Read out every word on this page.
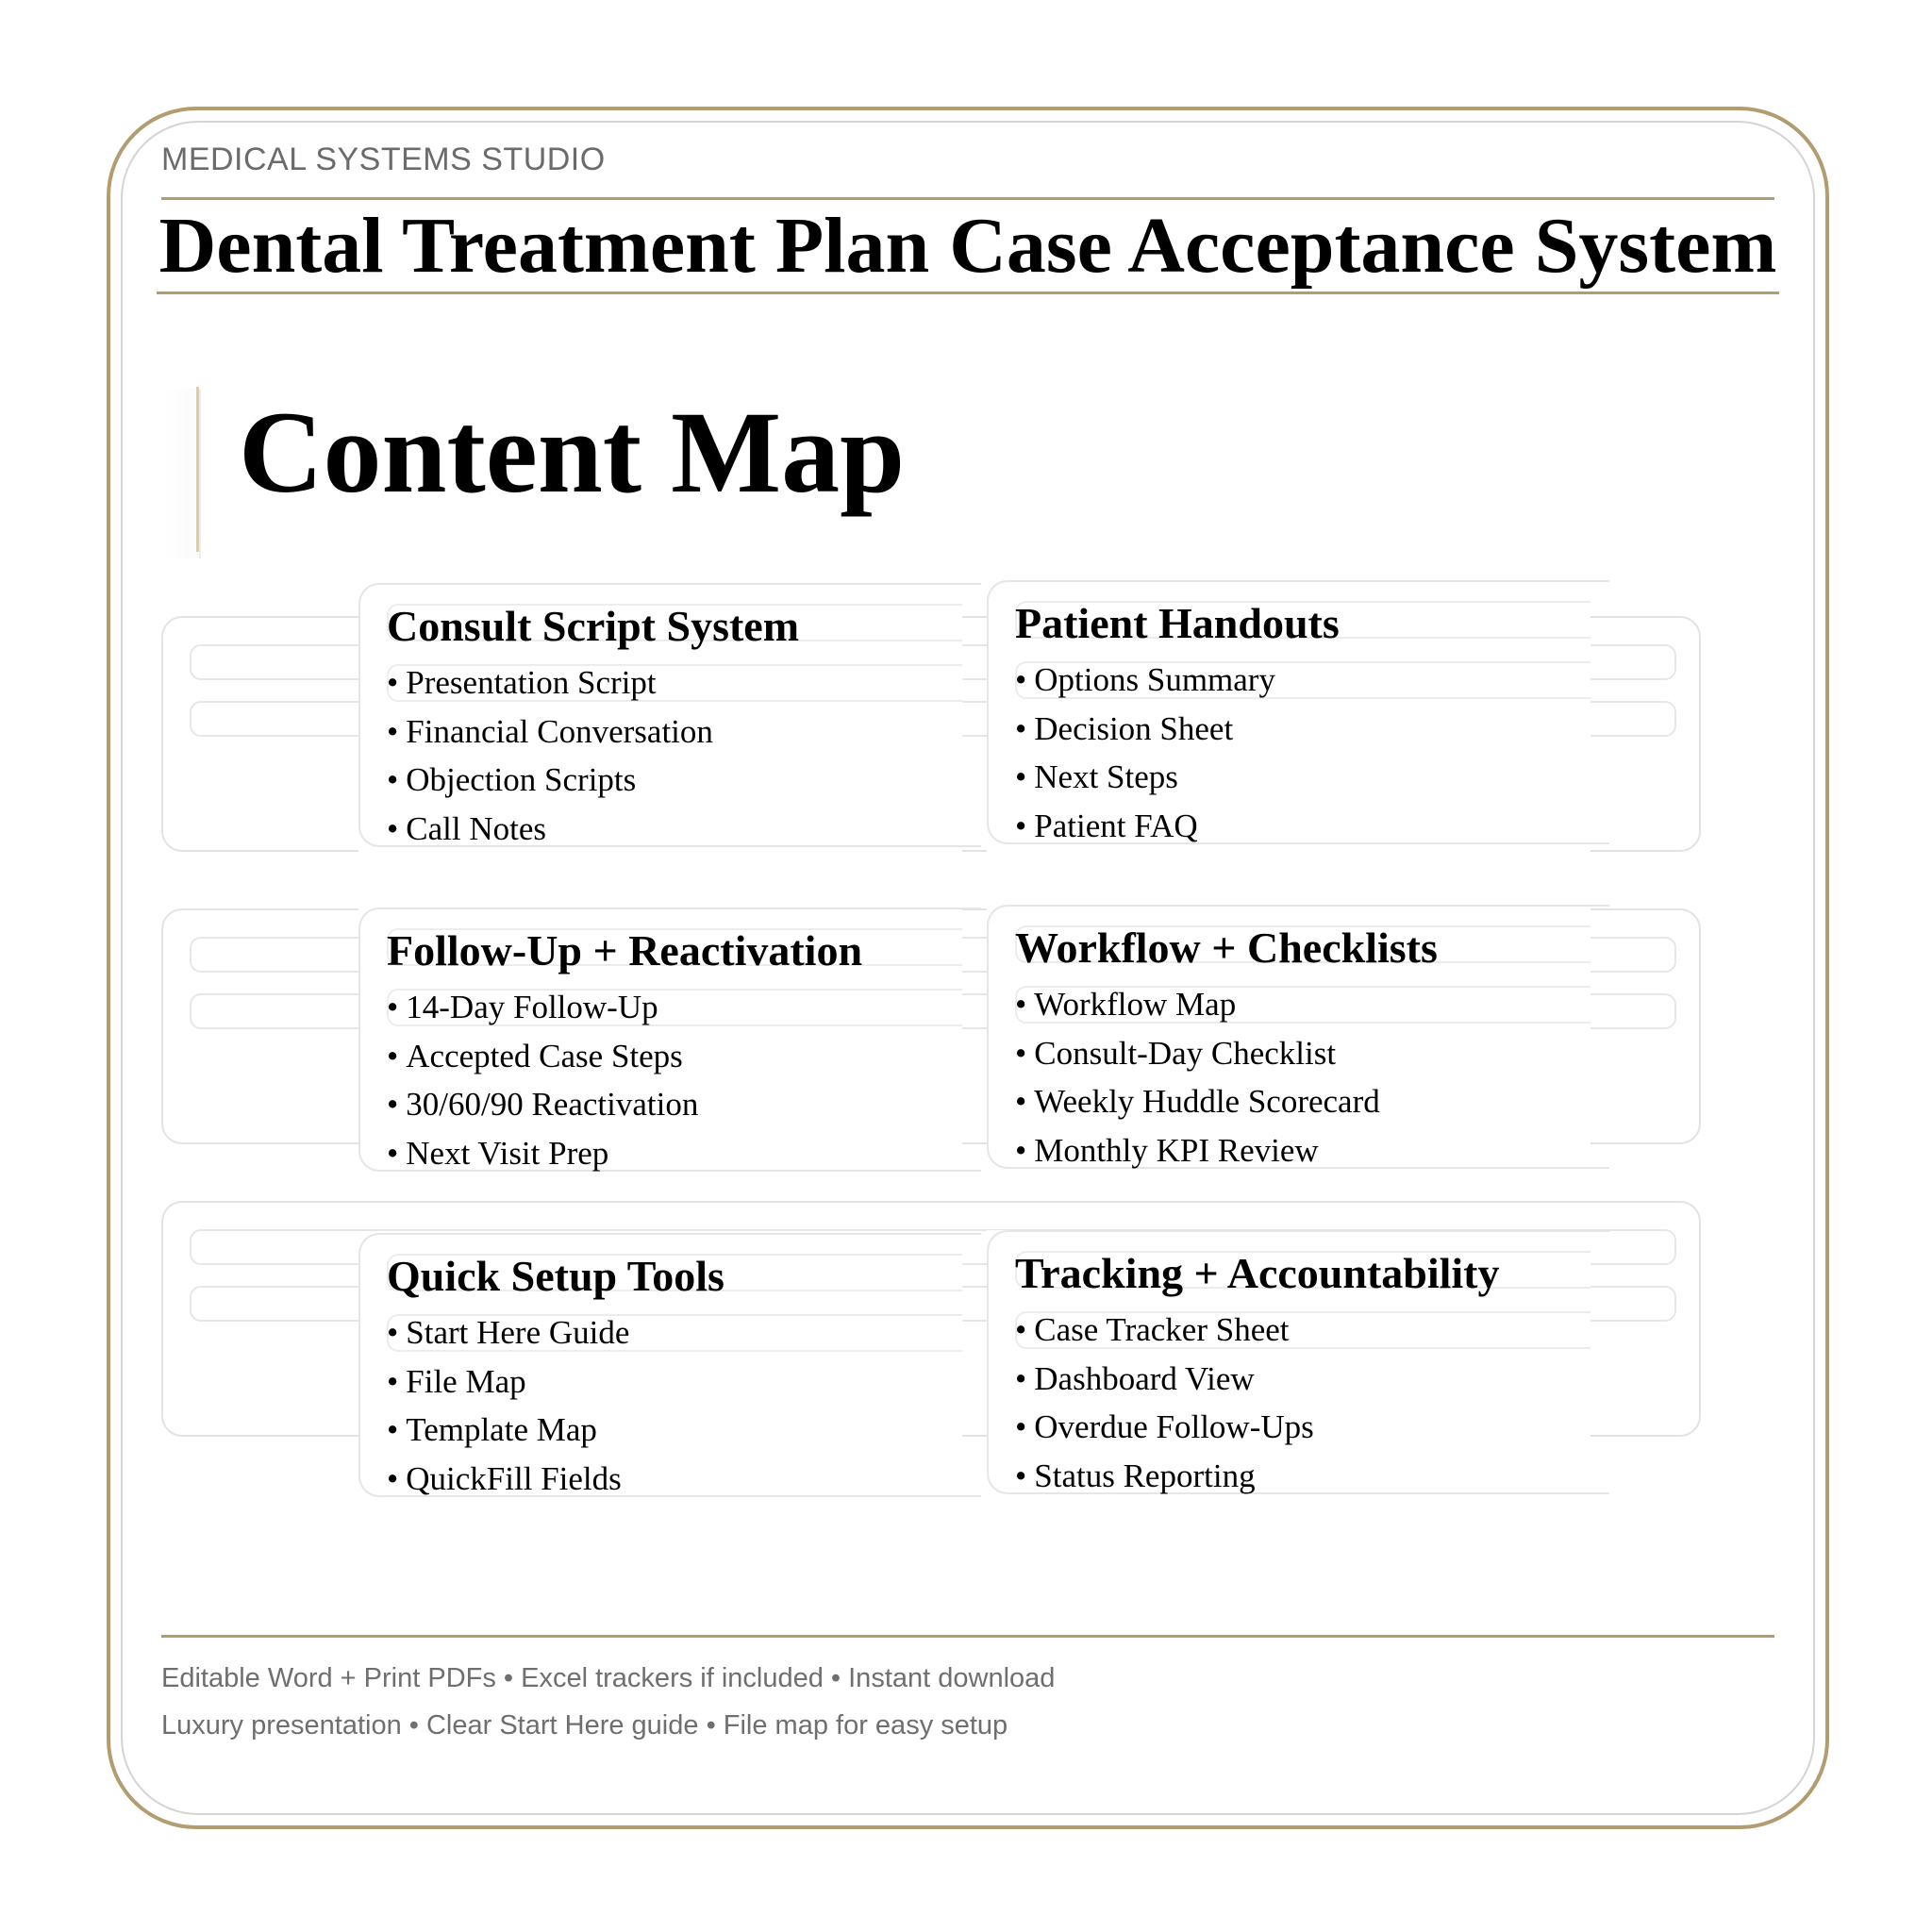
MEDICAL SYSTEMS STUDIO
Dental Treatment Plan Case Acceptance System
Content Map
Consult Script System
• Presentation Script
• Financial Conversation
• Objection Scripts
• Call Notes
Patient Handouts
• Options Summary
• Decision Sheet
• Next Steps
• Patient FAQ
Follow-Up + Reactivation
• 14-Day Follow-Up
• Accepted Case Steps
• 30/60/90 Reactivation
• Next Visit Prep
Workflow + Checklists
• Workflow Map
• Consult-Day Checklist
• Weekly Huddle Scorecard
• Monthly KPI Review
Quick Setup Tools
• Start Here Guide
• File Map
• Template Map
• QuickFill Fields
Tracking + Accountability
• Case Tracker Sheet
• Dashboard View
• Overdue Follow-Ups
• Status Reporting
Editable Word + Print PDFs • Excel trackers if included • Instant download
Luxury presentation • Clear Start Here guide • File map for easy setup
